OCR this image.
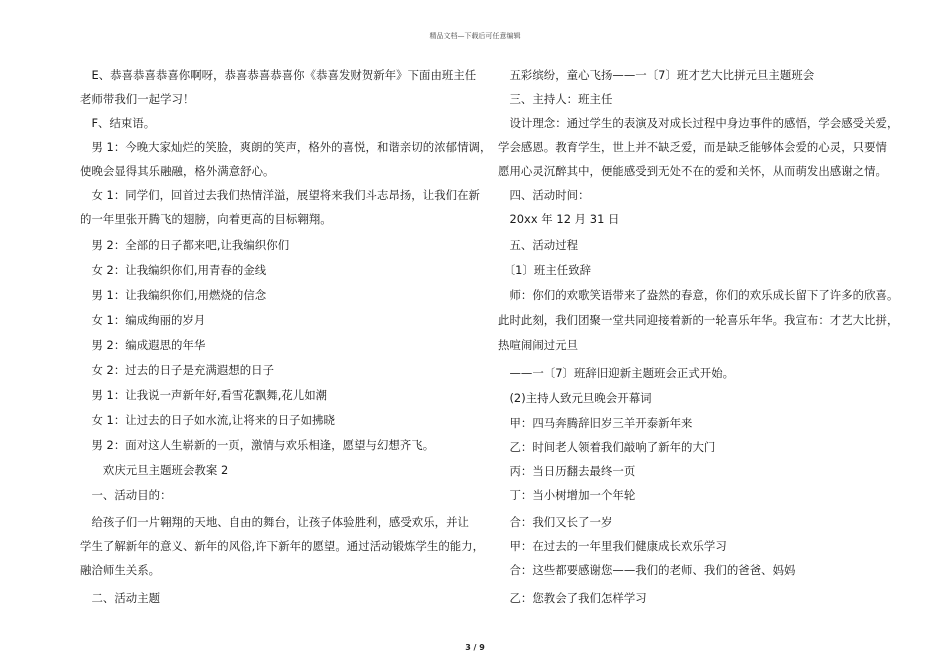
精品文档—下载后可任意编辑
　E、恭喜恭喜恭喜你啊呀，恭喜恭喜恭喜你《恭喜发财贺新年》下面由班主任
老师带我们一起学习！
　F、结束语。
　男 1：今晚大家灿烂的笑脸，爽朗的笑声，格外的喜悦，和谐亲切的浓郁情调，
使晚会显得其乐融融，格外满意舒心。
　女 1：同学们，回首过去我们热情洋溢，展望将来我们斗志昂扬，让我们在新
的一年里张开腾飞的翅膀，向着更高的目标翱翔。
　男 2：全部的日子都来吧,让我编织你们
　女 2：让我编织你们,用青春的金线
　男 1：让我编织你们,用燃烧的信念
　女 1：编成绚丽的岁月
　男 2：编成遐思的年华
　女 2：过去的日子是充满遐想的日子
　男 1：让我说一声新年好,看雪花飘舞,花儿如潮
　女 1：让过去的日子如水流,让将来的日子如拂晓
　男 2：面对这人生崭新的一页，激情与欢乐相逢，愿望与幻想齐飞。
　　欢庆元旦主题班会教案 2
　一、活动目的：
　给孩子们一片翱翔的天地、自由的舞台，让孩子体验胜利，感受欢乐，并让
学生了解新年的意义、新年的风俗,许下新年的愿望。通过活动锻炼学生的能力，
融洽师生关系。
　二、活动主题
　五彩缤纷，童心飞扬——一〔7〕班才艺大比拼元旦主题班会
　三、主持人：班主任
　设计理念：通过学生的表演及对成长过程中身边事件的感悟，学会感受关爱，
学会感恩。教育学生，世上并不缺乏爱，而是缺乏能够体会爱的心灵，只要情
愿用心灵沉醉其中，便能感受到无处不在的爱和关怀，从而萌发出感谢之情。
　四、活动时间：
　20xx 年 12 月 31 日
　五、活动过程
　〔1〕班主任致辞
　师：你们的欢歌笑语带来了盎然的春意，你们的欢乐成长留下了许多的欣喜。
此时此刻，我们团聚一堂共同迎接着新的一轮喜乐年华。我宣布：才艺大比拼，
热喧闹闹过元旦
　——一〔7〕班辞旧迎新主题班会正式开始。
　(2)主持人致元旦晚会开幕词
　甲：四马奔腾辞旧岁三羊开泰新年来
　乙：时间老人领着我们敲响了新年的大门
　丙：当日历翻去最终一页
　丁：当小树增加一个年轮
　合：我们又长了一岁
　甲：在过去的一年里我们健康成长欢乐学习
　合：这些都要感谢您——我们的老师、我们的爸爸、妈妈
　乙：您教会了我们怎样学习
3 / 9
